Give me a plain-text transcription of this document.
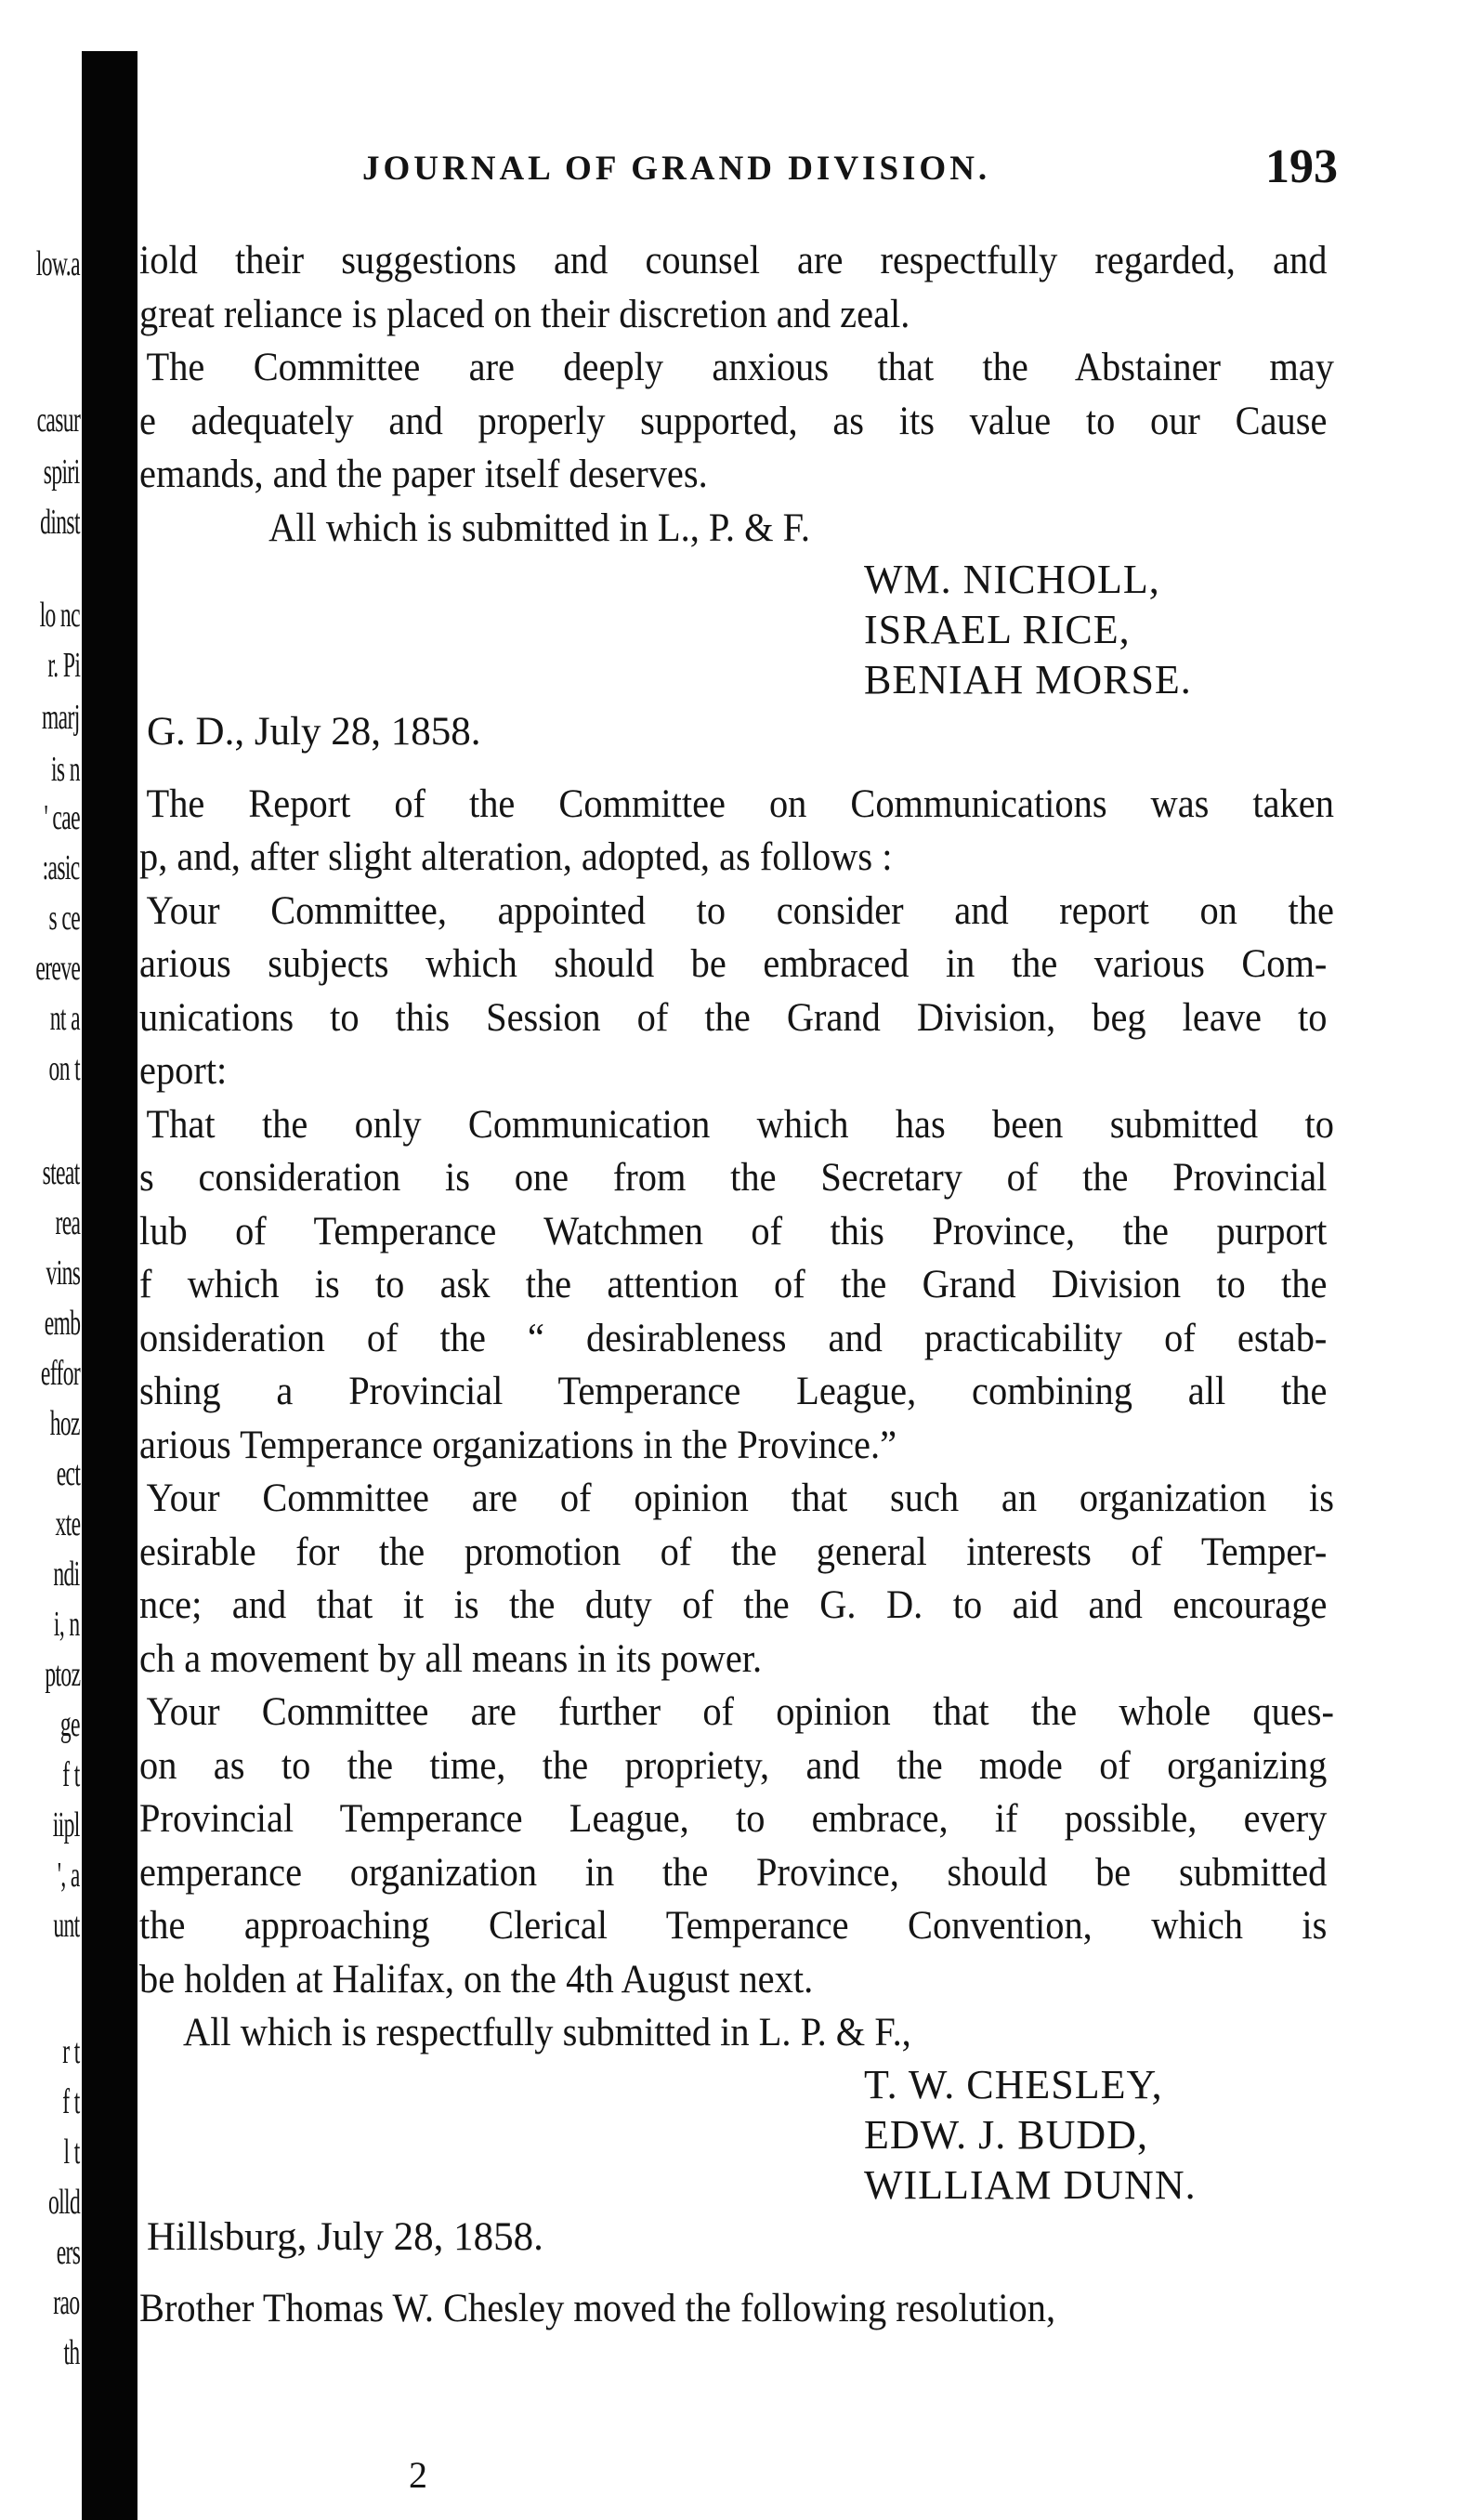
low.a
casur
spiri
dinst
lo nc
r. Pi
marj
is n
' cae
:asic
s ce
ereve
nt a
on t
steat
rea
vins
emb
effor
hoz
ect
xte
ndi
i, n
ptoz
ge
f t
iipl
', a
unt
r t
f t
l t
olld
ers
rao
th
JOURNAL OF GRAND DIVISION.	193
iold their suggestions and counsel are respectfully regarded, and
great reliance is placed on their discretion and zeal.
The Committee are deeply anxious that the Abstainer may
e adequately and properly supported, as its value to our Cause
emands, and the paper itself deserves.
All which is submitted in L., P. & F.
WM. NICHOLL,
ISRAEL RICE,
BENIAH MORSE.
G. D., July 28, 1858.
The Report of the Committee on Communications was taken
p, and, after slight alteration, adopted, as follows :
Your Committee, appointed to consider and report on the
arious subjects which should be embraced in the various Com-
unications to this Session of the Grand Division, beg leave to
eport:
That the only Communication which has been submitted to
s consideration is one from the Secretary of the Provincial
lub of Temperance Watchmen of this Province, the purport
f which is to ask the attention of the Grand Division to the
onsideration of the “ desirableness and practicability of estab-
shing a Provincial Temperance League, combining all the
arious Temperance organizations in the Province.”
Your Committee are of opinion that such an organization is
esirable for the promotion of the general interests of Temper-
nce; and that it is the duty of the G. D. to aid and encourage
ch a movement by all means in its power.
Your Committee are further of opinion that the whole ques-
on as to the time, the propriety, and the mode of organizing
Provincial Temperance League, to embrace, if possible, every
emperance organization in the Province, should be submitted
the approaching Clerical Temperance Convention, which is
be holden at Halifax, on the 4th August next.
All which is respectfully submitted in L. P. & F.,
T. W. CHESLEY,
EDW. J. BUDD,
WILLIAM DUNN.
Hillsburg, July 28, 1858.
Brother Thomas W. Chesley moved the following resolution,
2
